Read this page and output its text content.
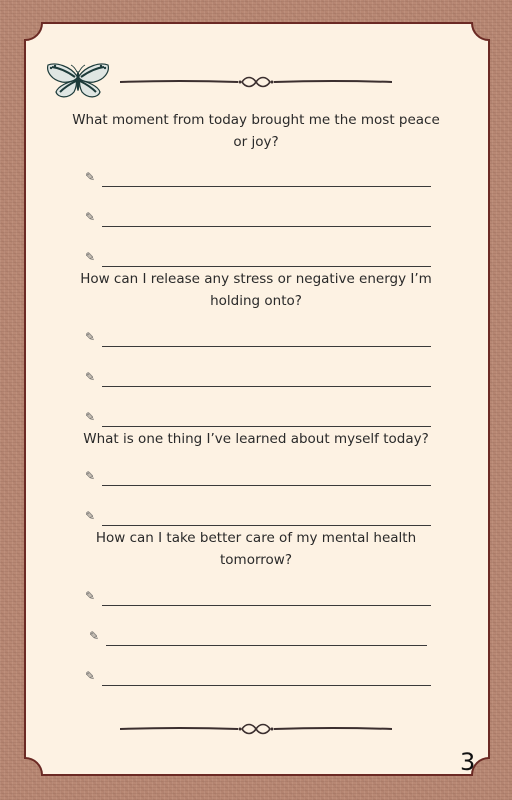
What moment from today brought me the most peace or joy?
✎
✎
✎
How can I release any stress or negative energy I’m holding onto?
✎
✎
✎
What is one thing I’ve learned about myself today?
✎
✎
How can I take better care of my mental health tomorrow?
✎
✎
✎
3
